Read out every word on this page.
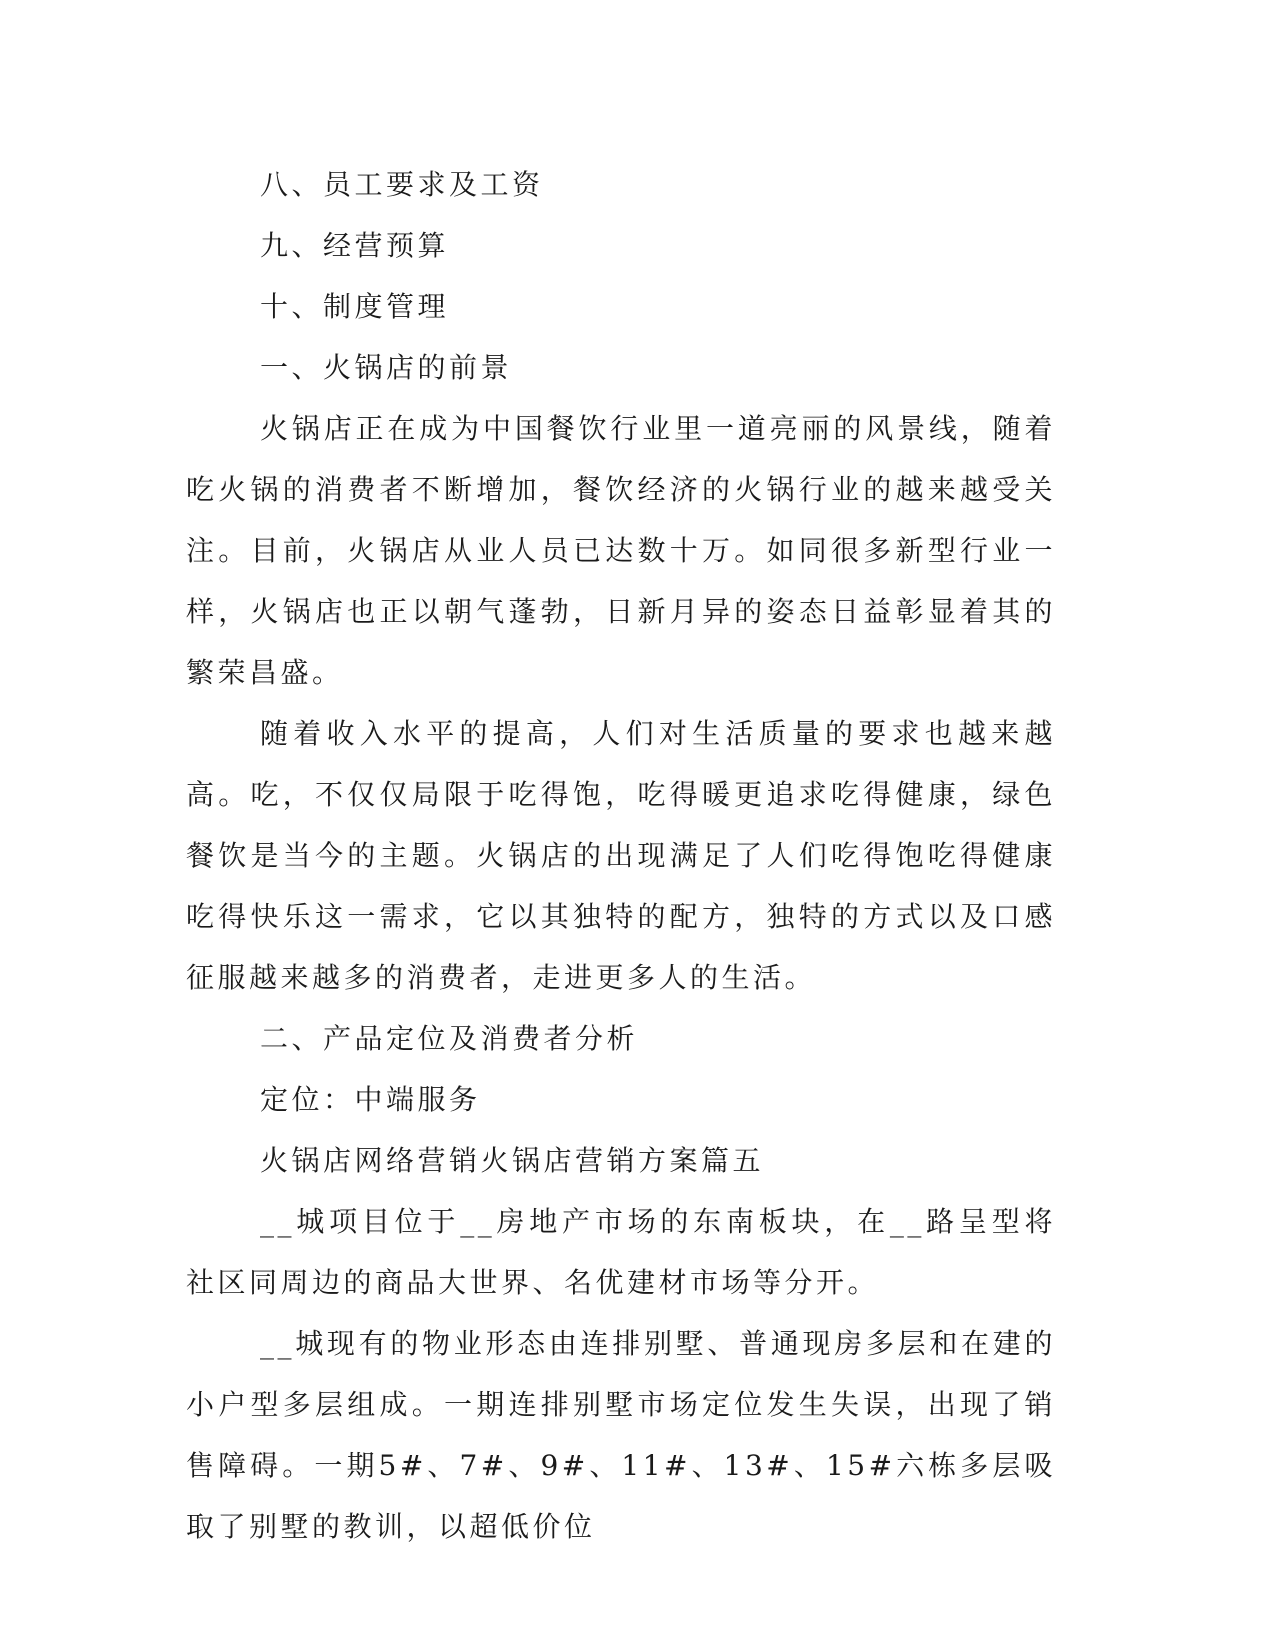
八、员工要求及工资
九、经营预算
十、制度管理
一、火锅店的前景

火锅店正在成为中国餐饮行业里一道亮丽的风景线，随着吃火锅的消费者不断增加，餐饮经济的火锅行业的越来越受关注。目前，火锅店从业人员已达数十万。如同很多新型行业一样，火锅店也正以朝气蓬勃，日新月异的姿态日益彰显着其的繁荣昌盛。

随着收入水平的提高，人们对生活质量的要求也越来越高。吃，不仅仅局限于吃得饱，吃得暖更追求吃得健康，绿色餐饮是当今的主题。火锅店的出现满足了人们吃得饱吃得健康吃得快乐这一需求，它以其独特的配方，独特的方式以及口感征服越来越多的消费者，走进更多人的生活。

二、产品定位及消费者分析
定位：中端服务
火锅店网络营销火锅店营销方案篇五

__城项目位于__房地产市场的东南板块，在__路呈型将社区同周边的商品大世界、名优建材市场等分开。

__城现有的物业形态由连排别墅、普通现房多层和在建的小户型多层组成。一期连排别墅市场定位发生失误，出现了销售障碍。一期5#、7#、9#、11#、13#、15#六栋多层吸取了别墅的教训，以超低价位
